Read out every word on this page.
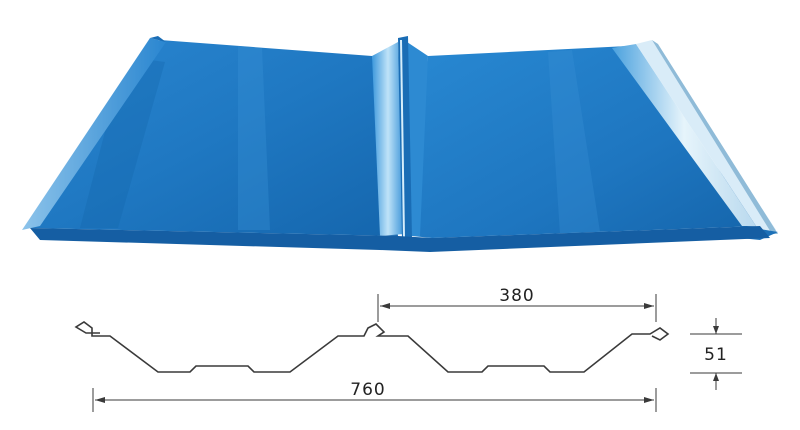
380
760
51
